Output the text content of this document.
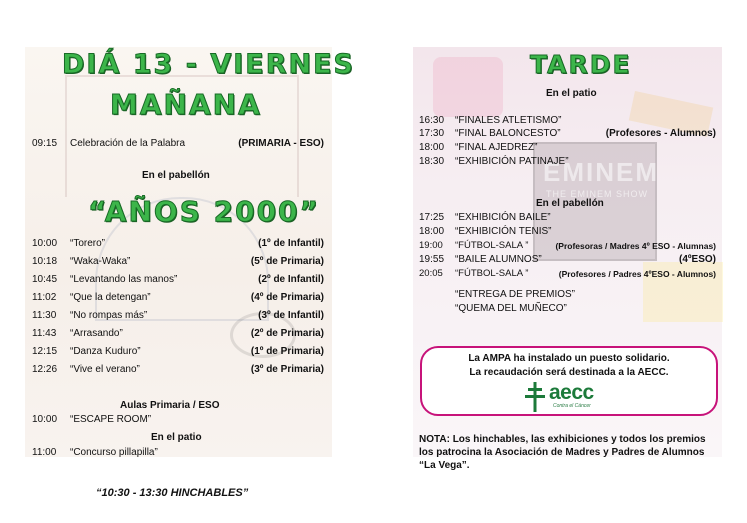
DIÁ 13 - VIERNES
MAÑANA
09:15 Celebración de la Palabra	(PRIMARIA - ESO)
En el pabellón
“AÑOS 2000”
10:00 “Torero”	(1º de Infantil)
10:18 “Waka-Waka”	(5º de Primaria)
10:45 “Levantando las manos”	(2º de Infantil)
11:02 “Que la detengan”	(4º de Primaria)
11:30 “No rompas más”	(3º de Infantil)
11:43 “Arrasando”	(2º de Primaria)
12:15 “Danza Kuduro”	(1º de Primaria)
12:26 “Vive el verano”	(3º de Primaria)
Aulas Primaria / ESO
10:00 “ESCAPE ROOM”
En el patio
11:00 “Concurso pillapilla”
“10:30 - 13:30 HINCHABLES”
EMINEM
THE EMINEM SHOW
TARDE
En el patio
16:30 “FINALES ATLETISMO”
17:30 “FINAL BALONCESTO”	(Profesores - Alumnos)
18:00 “FINAL AJEDREZ”
18:30 “EXHIBICIÓN PATINAJE”
En el pabellón
17:25 “EXHIBICIÓN BAILE”
18:00 “EXHIBICIÓN TENIS”
19:00 “FÚTBOL-SALA ”	(Profesoras / Madres 4º ESO - Alumnas)
19:55 “BAILE ALUMNOS”	(4ºESO)
20:05 “FÚTBOL-SALA ”	(Profesores / Padres 4ºESO - Alumnos)
“ENTREGA DE PREMIOS”
“QUEMA DEL MUÑECO”
La AMPA ha instalado un puesto solidario.
La recaudación será destinada a la AECC.
aecc
Contra el Cáncer
NOTA: Los hinchables, las exhibiciones y todos los premios los patrocina la Asociación de Madres y Padres de Alumnos “La Vega”.
